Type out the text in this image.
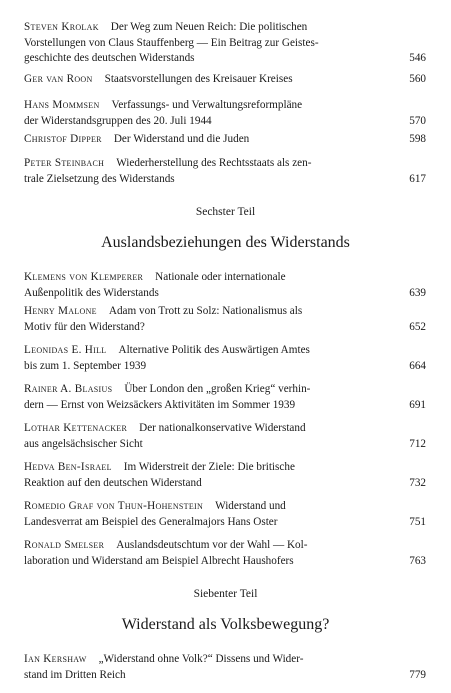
Steven Krolak Der Weg zum Neuen Reich: Die politischen
Vorstellungen von Claus Stauffenberg — Ein Beitrag zur Geistes-
geschichte des deutschen Widerstands	546
Ger van Roon Staatsvorstellungen des Kreisauer Kreises	560
Hans Mommsen Verfassungs- und Verwaltungsreformpläne
der Widerstandsgruppen des 20. Juli 1944	570
Christof Dipper Der Widerstand und die Juden	598
Peter Steinbach Wiederherstellung des Rechtsstaats als zen-
trale Zielsetzung des Widerstands	617
Sechster Teil
Auslandsbeziehungen des Widerstands
Klemens von Klemperer Nationale oder internationale
Außenpolitik des Widerstands	639
Henry Malone Adam von Trott zu Solz: Nationalismus als
Motiv für den Widerstand?	652
Leonidas E. Hill Alternative Politik des Auswärtigen Amtes
bis zum 1. September 1939	664
Rainer A. Blasius Über London den „großen Krieg“ verhin-
dern — Ernst von Weizsäckers Aktivitäten im Sommer 1939	691
Lothar Kettenacker Der nationalkonservative Widerstand
aus angelsächsischer Sicht	712
Hedva Ben-Israel Im Widerstreit der Ziele: Die britische
Reaktion auf den deutschen Widerstand	732
Romedio Graf von Thun-Hohenstein Widerstand und
Landesverrat am Beispiel des Generalmajors Hans Oster	751
Ronald Smelser Auslandsdeutschtum vor der Wahl — Kol-
laboration und Widerstand am Beispiel Albrecht Haushofers	763
Siebenter Teil
Widerstand als Volksbewegung?
Ian Kershaw „Widerstand ohne Volk?“ Dissens und Wider-
stand im Dritten Reich	779
